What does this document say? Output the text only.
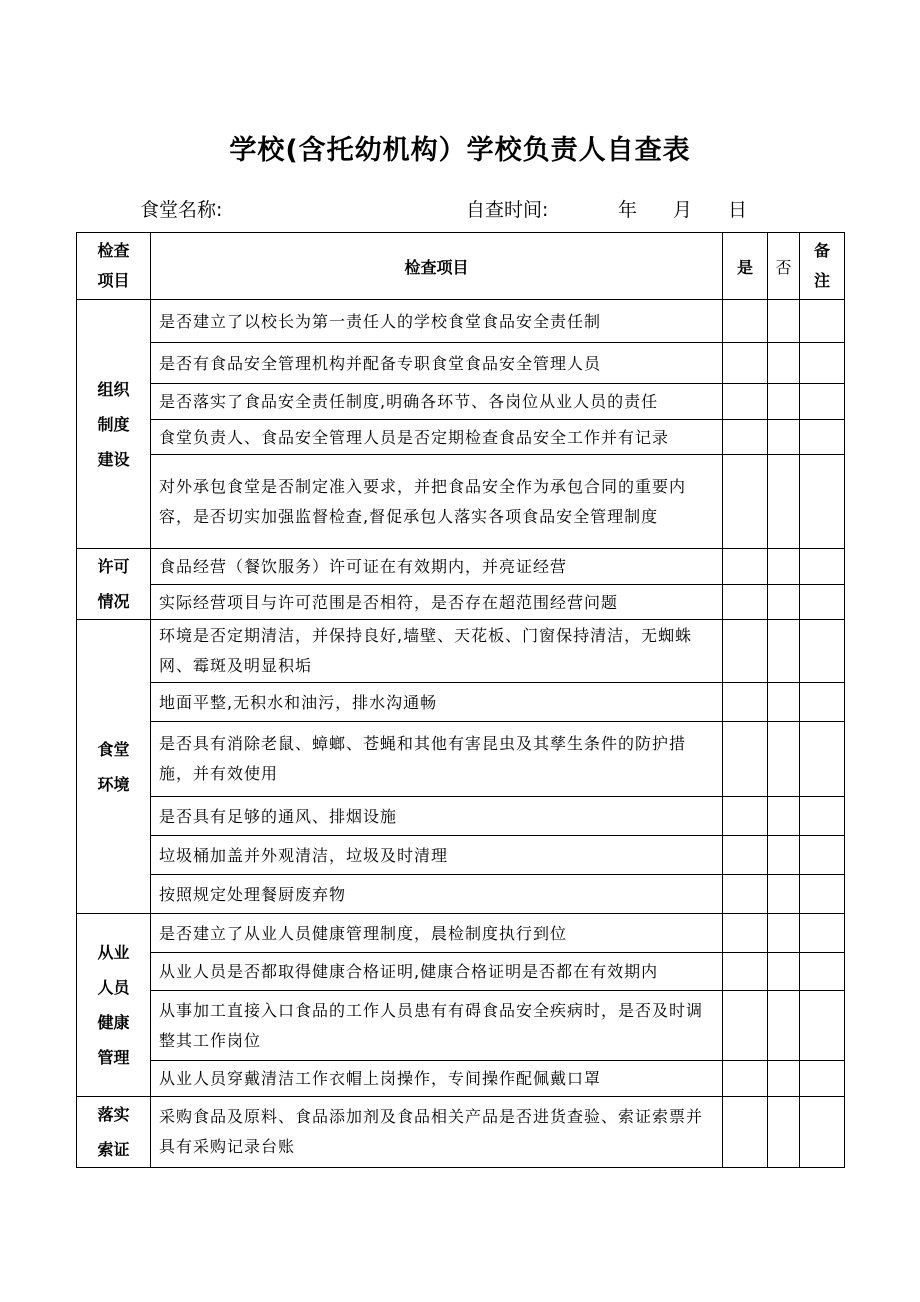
学校(含托幼机构）学校负责人自查表
食堂名称:	自查时间:	年 月 日
检查项目	检查项目	是	否	备注

组织制度建设	是否建立了以校长为第一责任人的学校食堂食品安全责任制			
	是否有食品安全管理机构并配备专职食堂食品安全管理人员			
	是否落实了食品安全责任制度,明确各环节、各岗位从业人员的责任			
	食堂负责人、食品安全管理人员是否定期检查食品安全工作并有记录			
	对外承包食堂是否制定准入要求，并把食品安全作为承包合同的重要内容，是否切实加强监督检查,督促承包人落实各项食品安全管理制度			

许可情况	食品经营（餐饮服务）许可证在有效期内，并亮证经营			
	实际经营项目与许可范围是否相符，是否存在超范围经营问题			

食堂环境	环境是否定期清洁，并保持良好,墙壁、天花板、门窗保持清洁，无蜘蛛网、霉斑及明显积垢			
	地面平整,无积水和油污，排水沟通畅			
	是否具有消除老鼠、蟑螂、苍蝇和其他有害昆虫及其孳生条件的防护措施，并有效使用			
	是否具有足够的通风、排烟设施			
	垃圾桶加盖并外观清洁，垃圾及时清理			
	按照规定处理餐厨废弃物			

从业人员健康管理	是否建立了从业人员健康管理制度，晨检制度执行到位			
	从业人员是否都取得健康合格证明,健康合格证明是否都在有效期内			
	从事加工直接入口食品的工作人员患有有碍食品安全疾病时，是否及时调整其工作岗位			
	从业人员穿戴清洁工作衣帽上岗操作，专间操作配佩戴口罩			

落实索证	采购食品及原料、食品添加剂及食品相关产品是否进货查验、索证索票并具有采购记录台账			
